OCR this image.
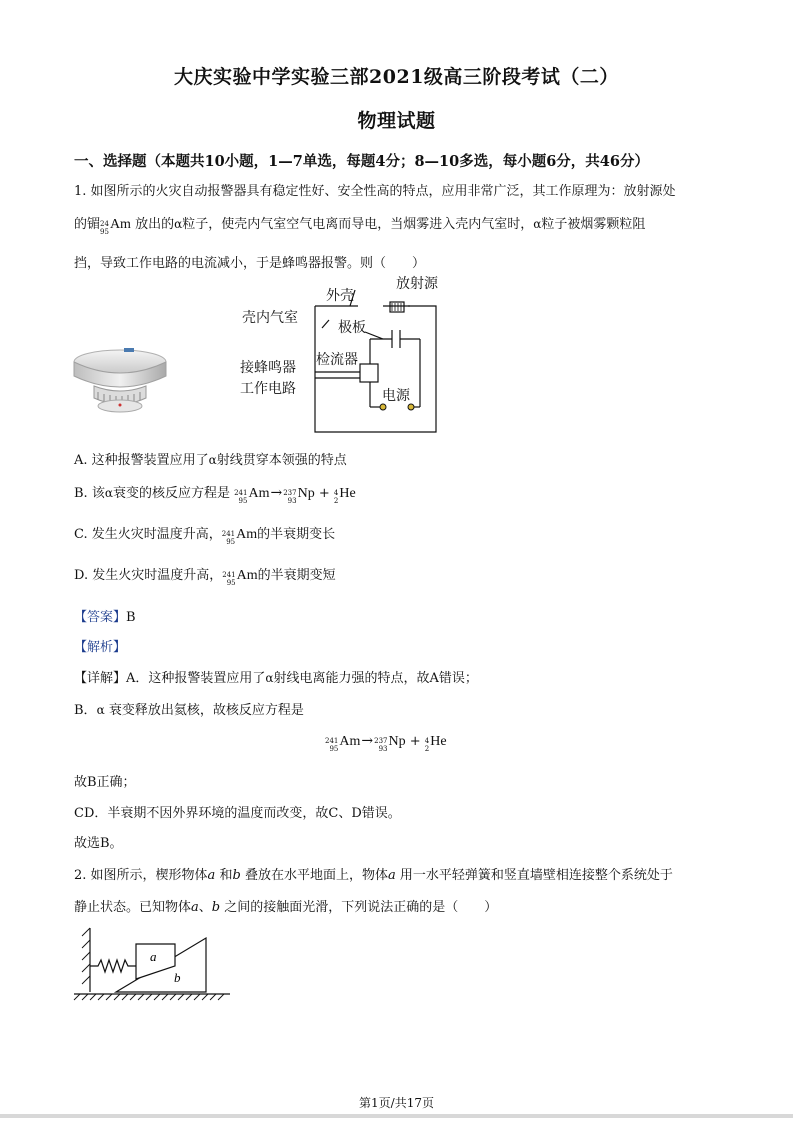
大庆实验中学实验三部2021级高三阶段考试（二）
物理试题
一、选择题（本题共10小题，1—7单选，每题4分；8—10多选，每小题6分，共46分）
1. 如图所示的火灾自动报警器具有稳定性好、安全性高的特点，应用非常广泛，其工作原理为：放射源处
的镅 24
95 Am 放出的α粒子，使壳内气室空气电离而导电，当烟雾进入壳内气室时，α粒子被烟雾颗粒阻
挡，导致工作电路的电流减小，于是蜂鸣器报警。则（　　）
外壳
放射源
壳内气室
极板
接蜂鸣器
工作电路
检流器
电源
A. 这种报警装置应用了α射线贯穿本领强的特点
B. 该α衰变的核反应方程是 241
95 Am→ 237
93 Np + 4
2 He
C. 发生火灾时温度升高， 241
95 Am的半衰期变长
D. 发生火灾时温度升高， 241
95 Am的半衰期变短
【答案】B
【解析】
【详解】A．这种报警装置应用了α射线电离能力强的特点，故A错误；
B．α 衰变释放出氦核，故核反应方程是
241
95 Am→ 237
93 Np + 4
2 He
故B正确；
CD．半衰期不因外界环境的温度而改变，故C、D错误。
故选B。
2. 如图所示，楔形物体a 和b 叠放在水平地面上，物体a 用一水平轻弹簧和竖直墙壁相连接整个系统处于
静止状态。已知物体a、b 之间的接触面光滑，下列说法正确的是（　　）
a
b
第1页/共17页
